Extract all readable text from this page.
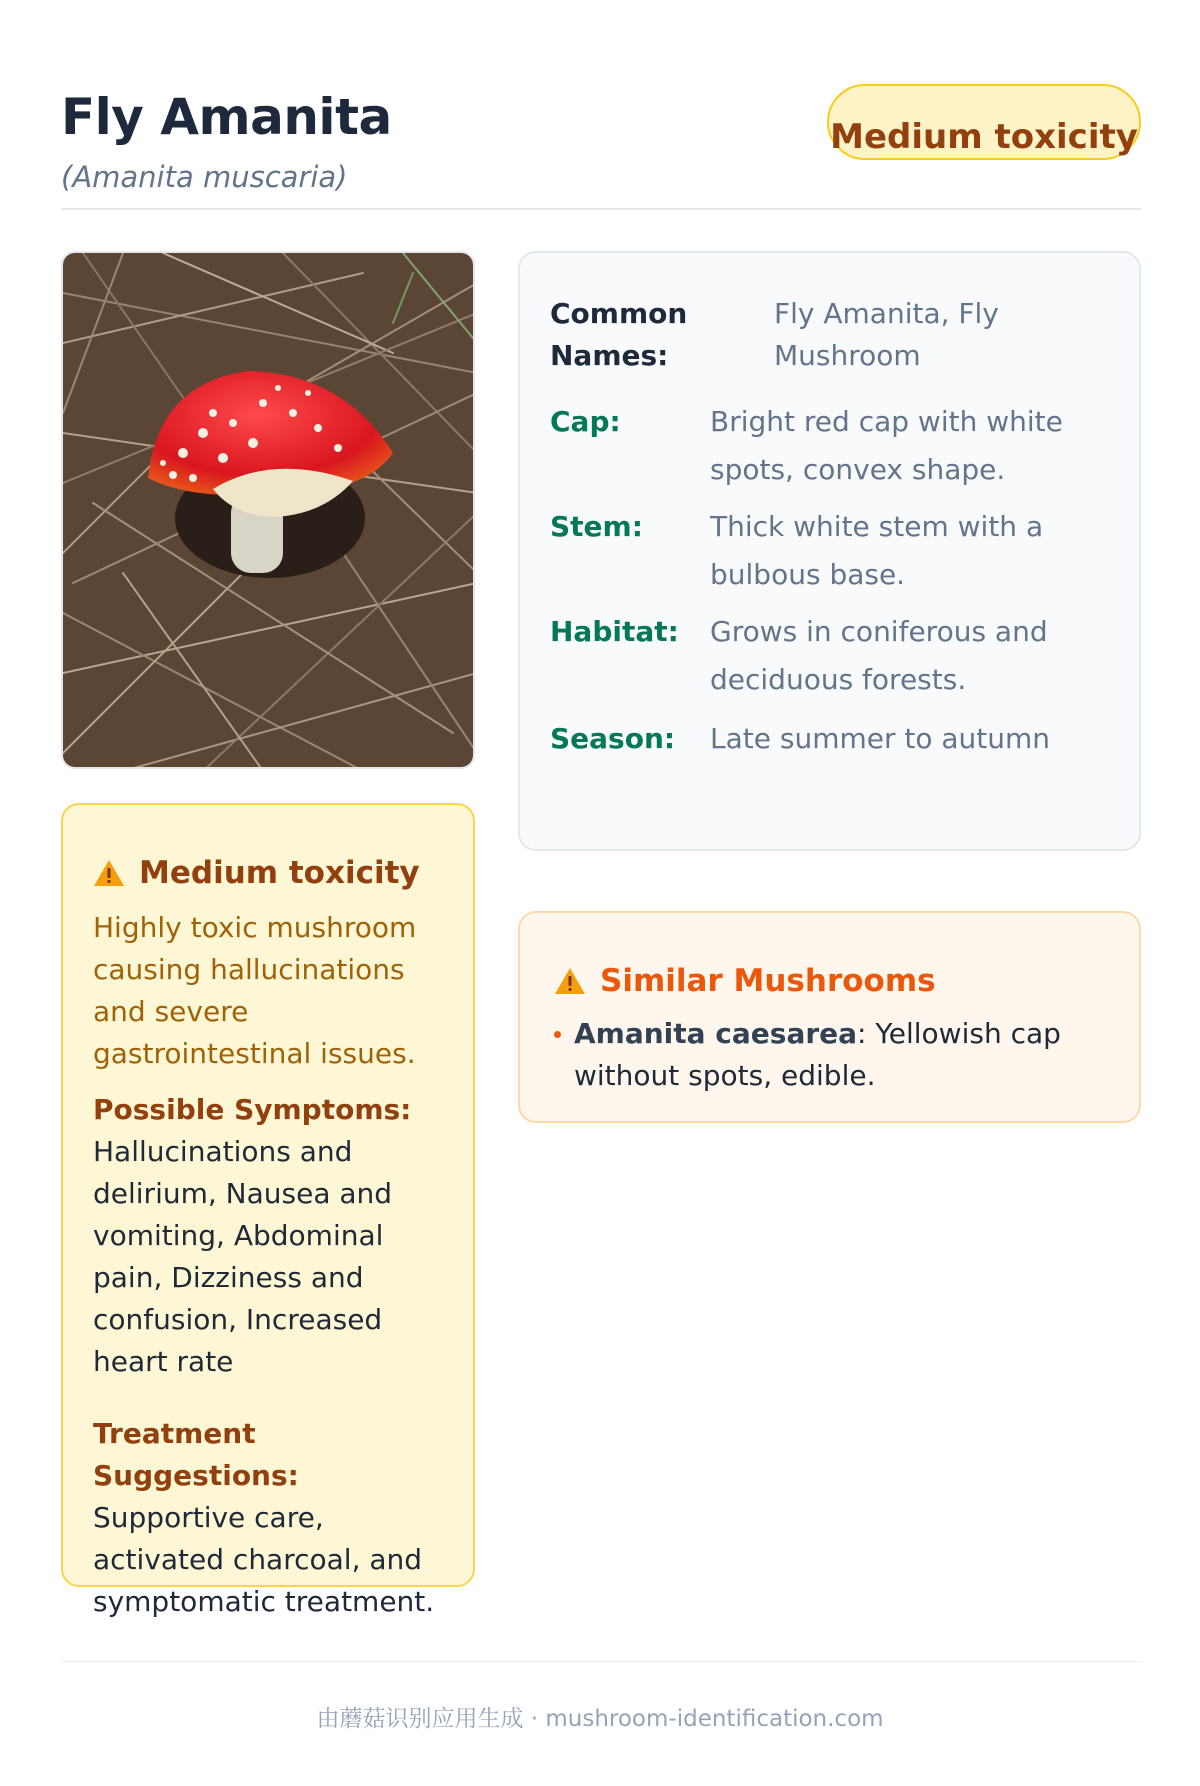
Fly Amanita
(Amanita muscaria)
Medium toxicity
Medium toxicity
Highly toxic mushroom causing hallucinations and severe gastrointestinal issues.
Possible Symptoms:
Hallucinations and delirium, Nausea and vomiting, Abdominal pain, Dizziness and confusion, Increased heart rate
Treatment Suggestions:
Supportive care, activated charcoal, and symptomatic treatment.
Common Names:
Fly Amanita, Fly Mushroom
Cap:	Bright red cap with white spots, convex shape.
Stem: Thick white stem with a bulbous base.
Habitat: Grows in coniferous and deciduous forests.
Season: Late summer to autumn
Similar Mushrooms
Amanita caesarea: Yellowish cap without spots, edible.
由蘑菇识别应用生成 · mushroom-identification.com
